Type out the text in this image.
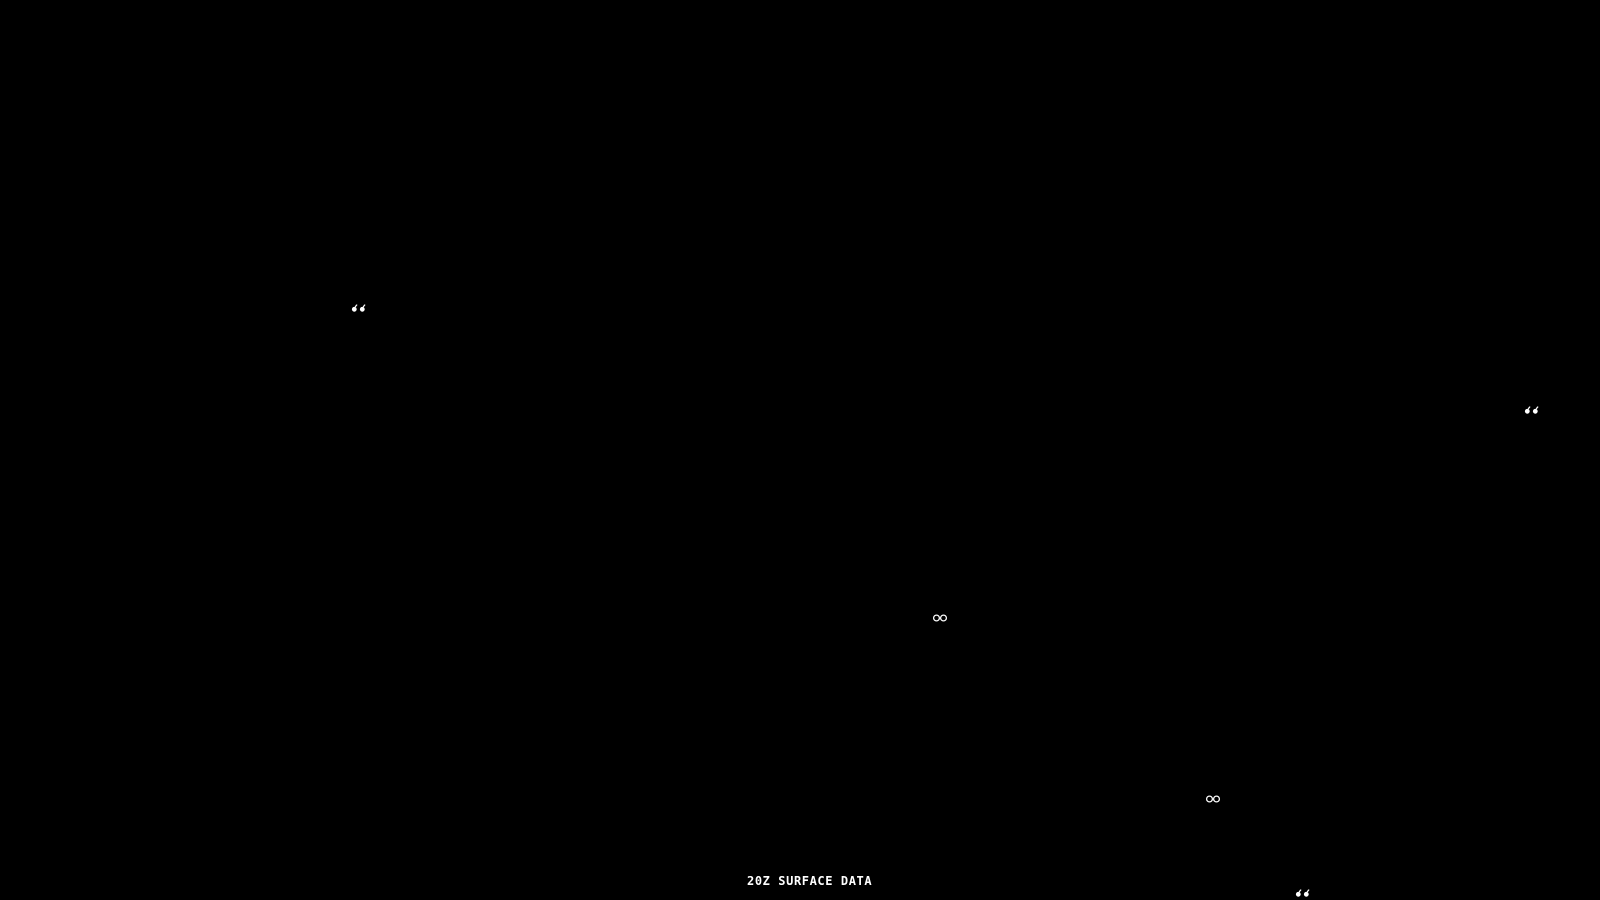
20Z SURFACE DATA
